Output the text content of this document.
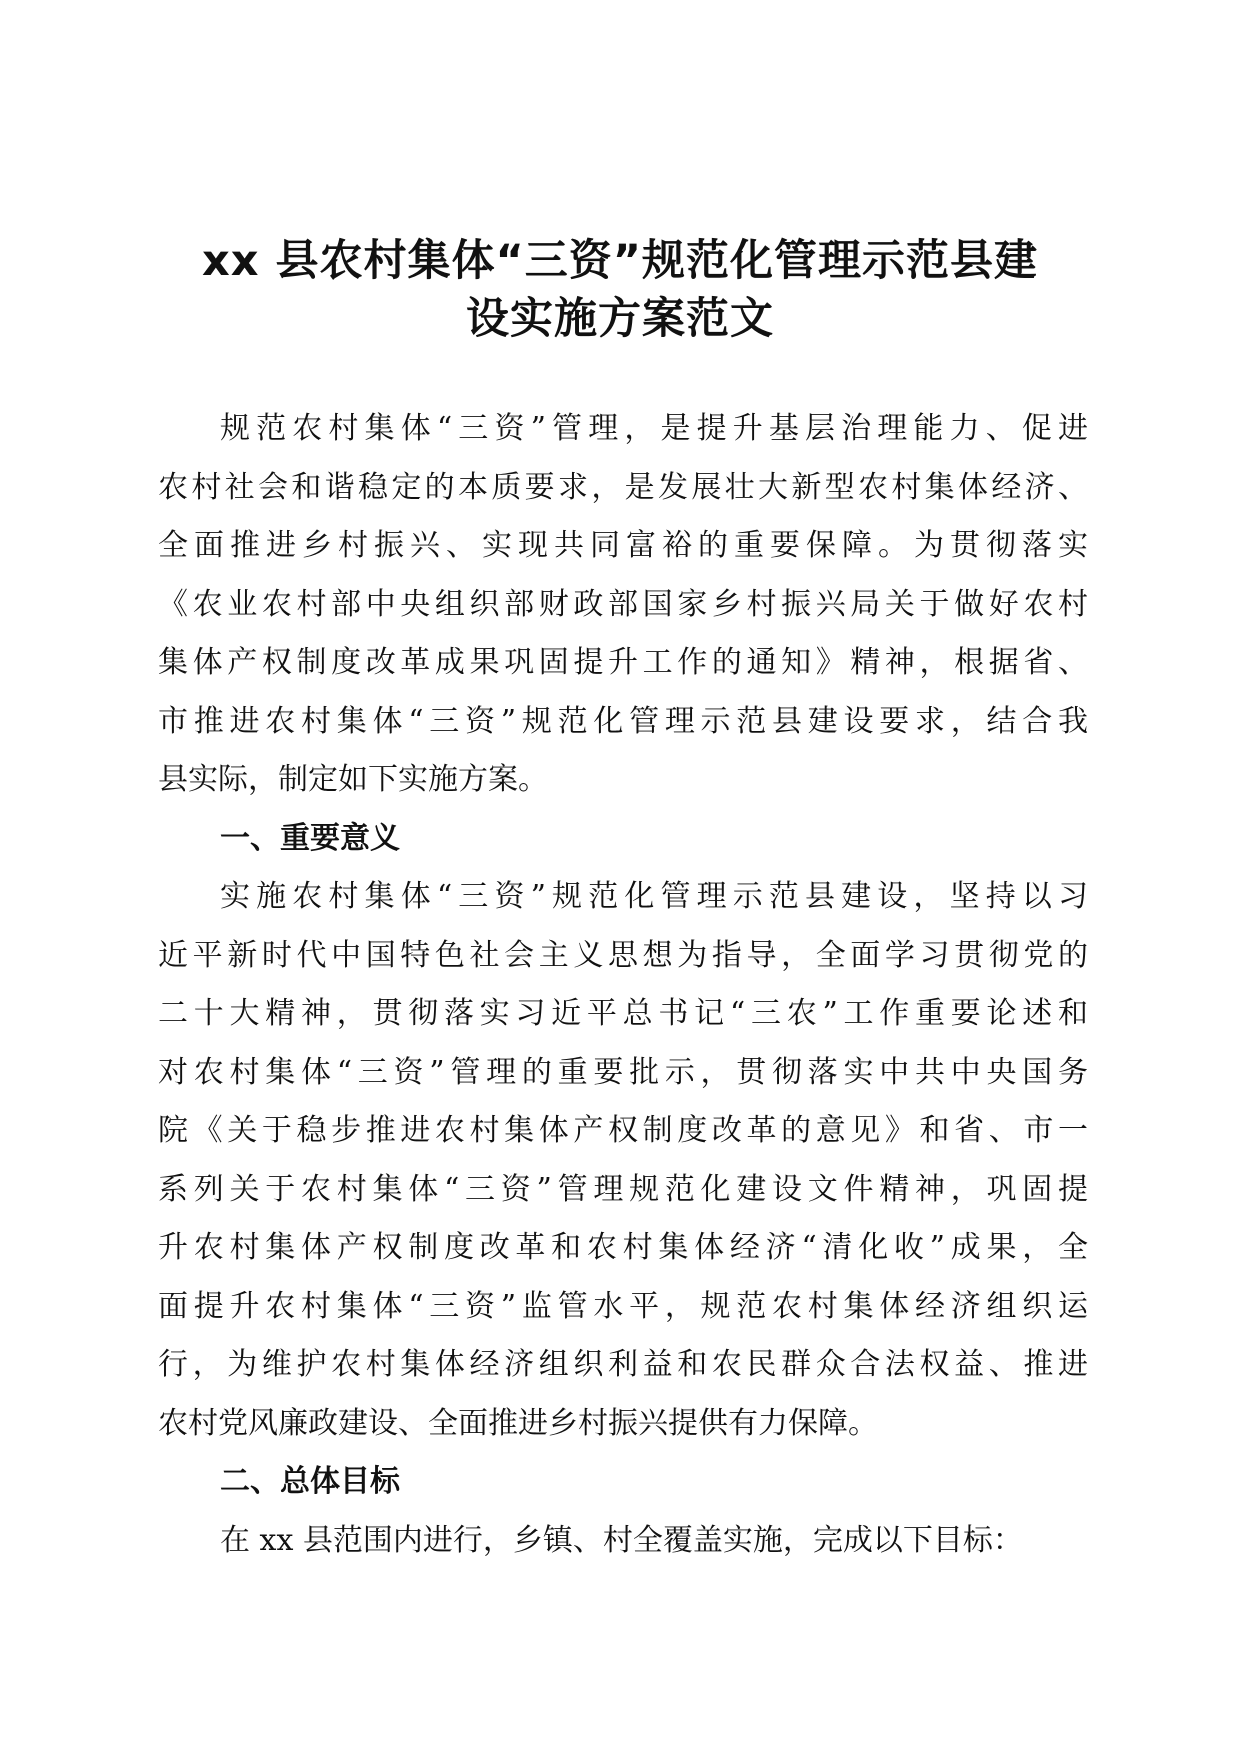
xx 县农村集体“三资”规范化管理示范县建
设实施方案范文
规范农村集体“三资”管理，是提升基层治理能力、促进
农村社会和谐稳定的本质要求，是发展壮大新型农村集体经济、
全面推进乡村振兴、实现共同富裕的重要保障。为贯彻落实
《农业农村部中央组织部财政部国家乡村振兴局关于做好农村
集体产权制度改革成果巩固提升工作的通知》精神，根据省、
市推进农村集体“三资”规范化管理示范县建设要求，结合我
县实际，制定如下实施方案。
一、重要意义
实施农村集体“三资”规范化管理示范县建设，坚持以习
近平新时代中国特色社会主义思想为指导，全面学习贯彻党的
二十大精神，贯彻落实习近平总书记“三农”工作重要论述和
对农村集体“三资”管理的重要批示，贯彻落实中共中央国务
院《关于稳步推进农村集体产权制度改革的意见》和省、市一
系列关于农村集体“三资”管理规范化建设文件精神，巩固提
升农村集体产权制度改革和农村集体经济“清化收”成果，全
面提升农村集体“三资”监管水平，规范农村集体经济组织运
行，为维护农村集体经济组织利益和农民群众合法权益、推进
农村党风廉政建设、全面推进乡村振兴提供有力保障。
二、总体目标
在 xx 县范围内进行，乡镇、村全覆盖实施，完成以下目标：
